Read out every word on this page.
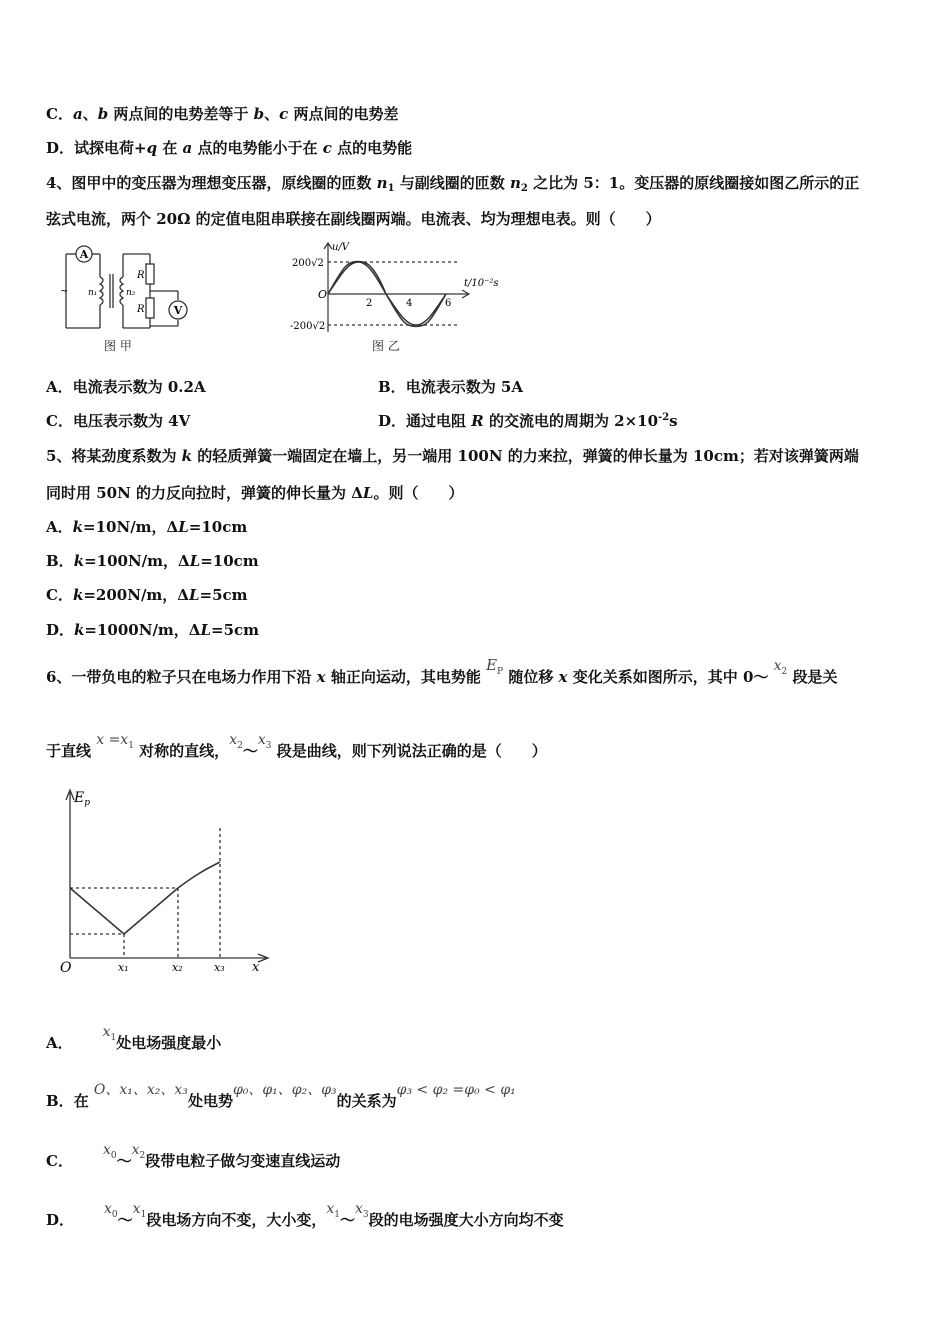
C．a、b 两点间的电势差等于 b、c 两点间的电势差
D．试探电荷+q 在 a 点的电势能小于在 c 点的电势能
4、图甲中的变压器为理想变压器，原线圈的匝数 $n_1$ 与副线圈的匝数 $n_2$ 之比为 5：1。变压器的原线圈接如图乙所示的正
弦式电流，两个 20Ω 的定值电阻串联接在副线圈两端。电流表、均为理想电表。则（　　）
A
V
~ n₁	n₂
R
R
图 甲
u/V
t/10⁻²s
200√2
-200√2
O
2	4	6
图 乙
A．电流表示数为 0.2A	B．电流表示数为 5A
C．电压表示数为 4V	D．通过电阻 R 的交流电的周期为 $2\times 10^{-2}s$
5、将某劲度系数为 k 的轻质弹簧一端固定在墙上，另一端用 100N 的力来拉，弹簧的伸长量为 10cm；若对该弹簧两端
同时用 50N 的力反向拉时，弹簧的伸长量为 ΔL。则（　　）
A．k=10N/m，ΔL=10cm
B．k=100N/m，ΔL=10cm
C．k=200N/m，ΔL=5cm
D．k=1000N/m，ΔL=5cm
6、一带负电的粒子只在电场力作用下沿 x 轴正向运动，其电势能 $E_P$ 随位移 x 变化关系如图所示，其中 0～ $x_2$ 段是关
于直线 $x =x_1$ 对称的直线，$x_2\sim x_3$ 段是曲线，则下列说法正确的是（　　）
$E_p$
O	x
x₁	x₂	x₃
A．$x_1$处电场强度最小
B．在 O、x₁、x₂、x₃处电势φ₀、φ₁、φ₂、φ₃的关系为φ₃ < φ₂ =φ₀ < φ₁
C．$x_0\sim x_2$段带电粒子做匀变速直线运动
D．$x_0\sim x_1$段电场方向不变，大小变，$x_1\sim x_3$段的电场强度大小方向均不变
